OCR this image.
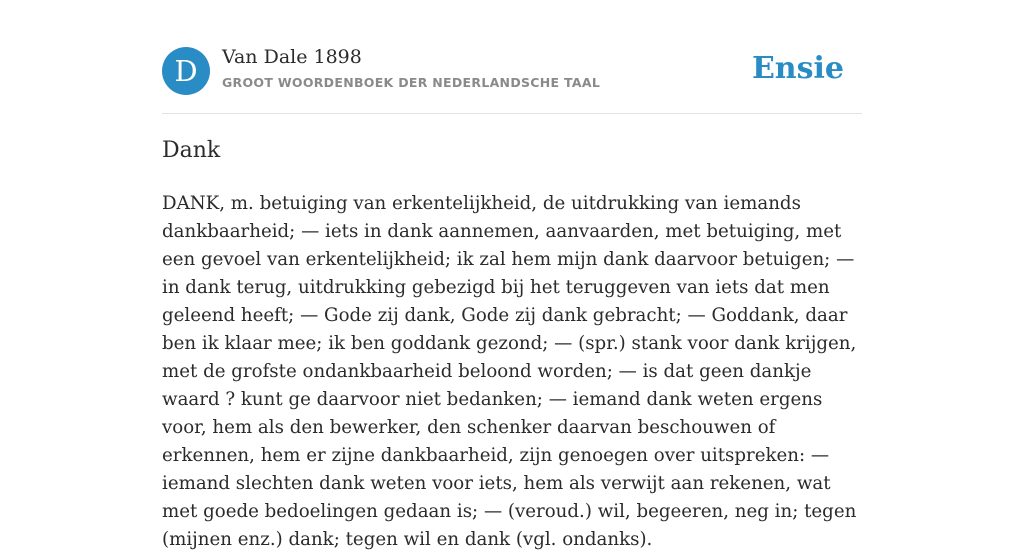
D	Van Dale 1898
GROOT WOORDENBOEK DER NEDERLANDSCHE TAAL	Ensie
Dank

DANK, m. betuiging van erkentelijkheid, de uitdrukking van iemands dankbaarheid; — iets in dank aannemen, aanvaarden, met betuiging, met een gevoel van erkentelijkheid; ik zal hem mijn dank daarvoor betuigen; — in dank terug, uitdrukking gebezigd bij het teruggeven van iets dat men geleend heeft; — Gode zij dank, Gode zij dank gebracht; — Goddank, daar ben ik klaar mee; ik ben goddank gezond; — (spr.) stank voor dank krijgen, met de grofste ondankbaarheid beloond worden; — is dat geen dankje waard ? kunt ge daarvoor niet bedanken; — iemand dank weten ergens voor, hem als den bewerker, den schenker daarvan beschouwen of erkennen, hem er zijne dankbaarheid, zijn genoegen over uitspreken: — iemand slechten dank weten voor iets, hem als verwijt aan rekenen, wat met goede bedoelingen gedaan is; — (veroud.) wil, begeeren, neg in; tegen (mijnen enz.) dank; tegen wil en dank (vgl. ondanks).
